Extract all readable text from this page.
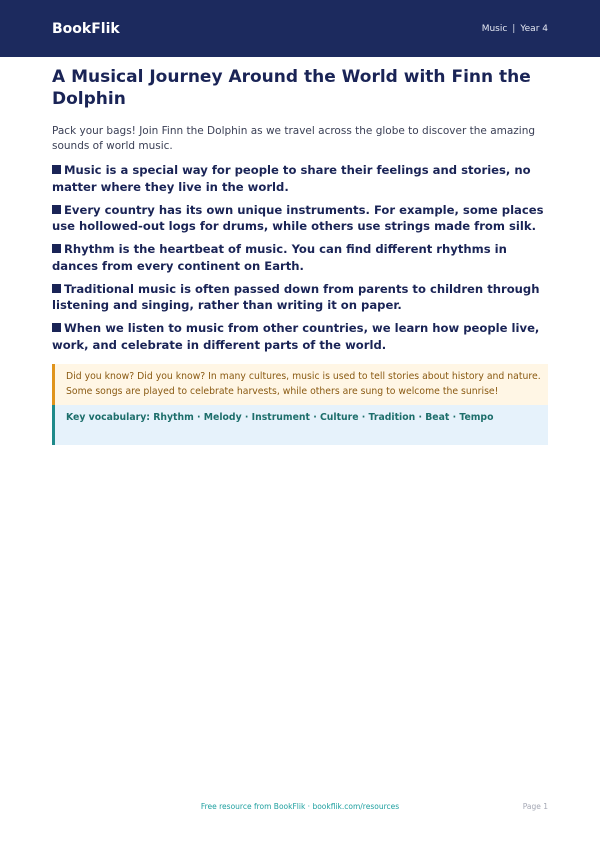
BookFlik	Music | Year 4
A Musical Journey Around the World with Finn the Dolphin

Pack your bags! Join Finn the Dolphin as we travel across the globe to discover the amazing sounds of world music.

Music is a special way for people to share their feelings and stories, no matter where they live in the world.
Every country has its own unique instruments. For example, some places use hollowed-out logs for drums, while others use strings made from silk.
Rhythm is the heartbeat of music. You can find different rhythms in dances from every continent on Earth.
Traditional music is often passed down from parents to children through listening and singing, rather than writing it on paper.
When we listen to music from other countries, we learn how people live, work, and celebrate in different parts of the world.
Did you know? Did you know? In many cultures, music is used to tell stories about history and nature. Some songs are played to celebrate harvests, while others are sung to welcome the sunrise!
Key vocabulary: Rhythm · Melody · Instrument · Culture · Tradition · Beat · Tempo
Free resource from BookFlik · bookflik.com/resources	Page 1
